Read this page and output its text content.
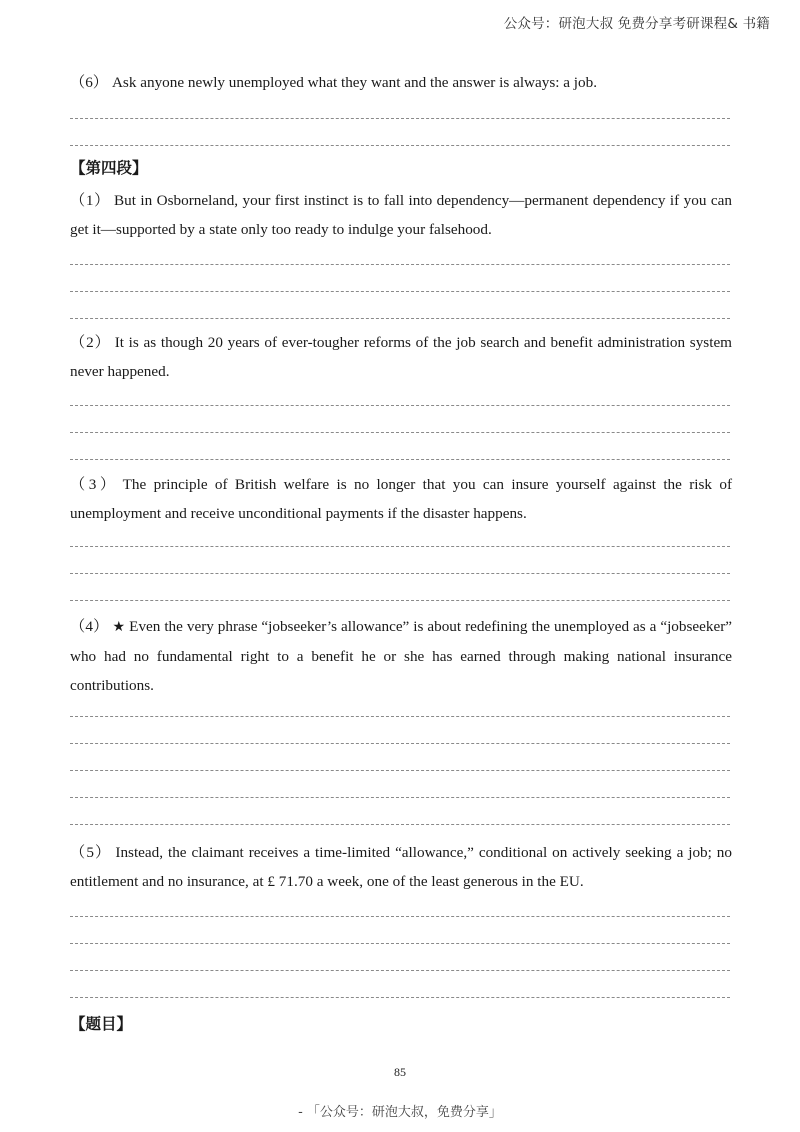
公众号：研泡大叔 免费分享考研课程& 书籍
（6） Ask anyone newly unemployed what they want and the answer is always: a job.
【第四段】
（1） But in Osborneland, your first instinct is to fall into dependency—permanent dependency if you can get it—supported by a state only too ready to indulge your falsehood.
（2） It is as though 20 years of ever-tougher reforms of the job search and benefit administration system never happened.
（3） The principle of British welfare is no longer that you can insure yourself against the risk of unemployment and receive unconditional payments if the disaster happens.
（4） ★ Even the very phrase “jobseeker’s allowance” is about redefining the unemployed as a “jobseeker” who had no fundamental right to a benefit he or she has earned through making national insurance contributions.
（5） Instead, the claimant receives a time-limited “allowance,” conditional on actively seeking a job; no entitlement and no insurance, at £ 71.70 a week, one of the least generous in the EU.
【题目】
85
- 「公众号：研泡大叔，免费分享」
